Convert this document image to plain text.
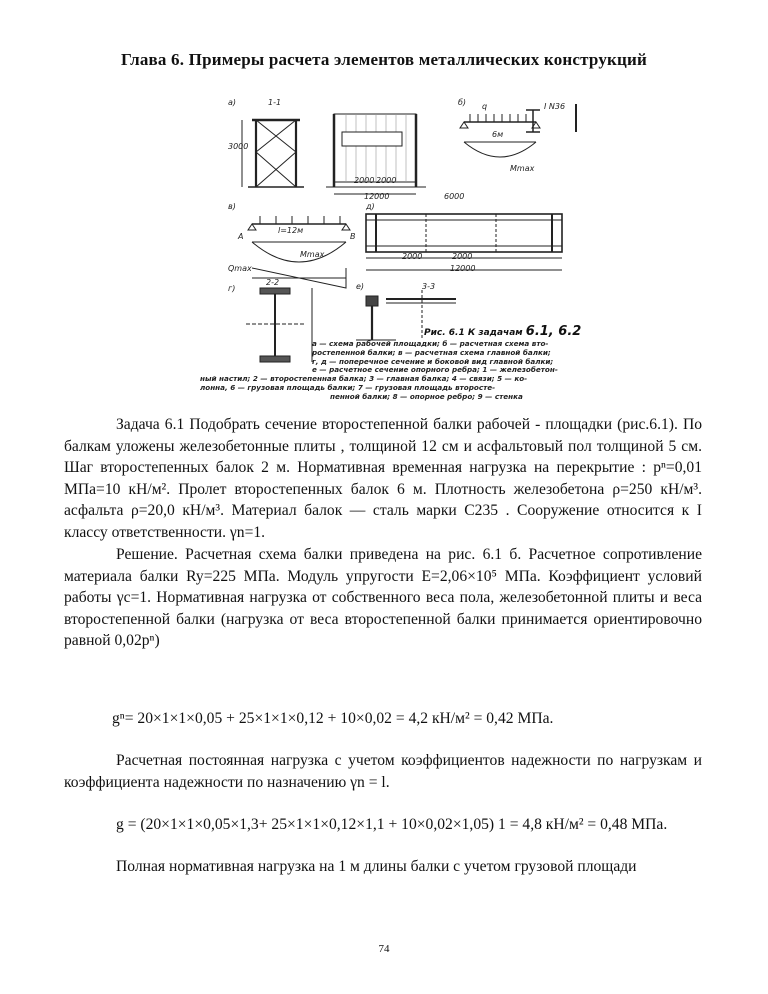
Глава 6. Примеры расчета элементов металлических конструкций
a)	1-1
3000
б)	I N36
q
6м
Mmax
в)
l=12м
Mmax
A	B
Qmax
г)
2-2
д)
e)	3-3
6000
2000 2000
12000
2000	2000
12000
Рис. 6.1 К задачам 6.1, 6.2
a — схема рабочей площадки; б — расчетная схема вто-
ростепенной балки; в — расчетная схема главной балки;
г, д — поперечное сечение и боковой вид главной балки;
е — расчетное сечение опорного ребра; 1 — железобетон-
ный настил; 2 — второстепенная балка; 3 — главная балка; 4 — связи; 5 — ко-
лонна, 6 — грузовая площадь балки; 7 — грузовая площадь второсте-
пенной балки; 8 — опорное ребро; 9 — стенка

Задача 6.1 Подобрать сечение второстепенной балки рабочей - площадки (рис.6.1). По балкам уложены железобетонные плиты , толщиной 12 см и асфальтовый пол толщиной 5 см. Шаг второстепенных балок 2 м. Нормативная временная нагрузка на перекрытие : pⁿ=0,01 МПа=10 кН/м². Пролет второстепенных балок 6 м. Плотность железобетона ρ=250 кН/м³. асфальта ρ=20,0 кН/м³. Материал балок — сталь марки С235 . Сооружение относится к I классу ответственности. γn=1.

Решение. Расчетная схема балки приведена на рис. 6.1 б. Расчетное сопротивление материала балки Ry=225 МПа. Модуль упругости E=2,06×10⁵ МПа. Коэффициент условий работы γc=1. Нормативная нагрузка от собственного веса пола, железобетонной плиты и веса второстепенной балки (нагрузка от веса второстепенной балки принимается ориентировочно равной 0,02pⁿ)

gⁿ= 20×1×1×0,05 + 25×1×1×0,12 + 10×0,02 = 4,2 кН/м² = 0,42 МПа.

Расчетная постоянная нагрузка с учетом коэффициентов надежности по нагрузкам и коэффициента надежности по назначению γn = l.

g = (20×1×1×0,05×1,3+ 25×1×1×0,12×1,1 + 10×0,02×1,05) 1 = 4,8 кН/м² = 0,48 МПа.

Полная нормативная нагрузка на 1 м длины балки с учетом грузовой площади

74
